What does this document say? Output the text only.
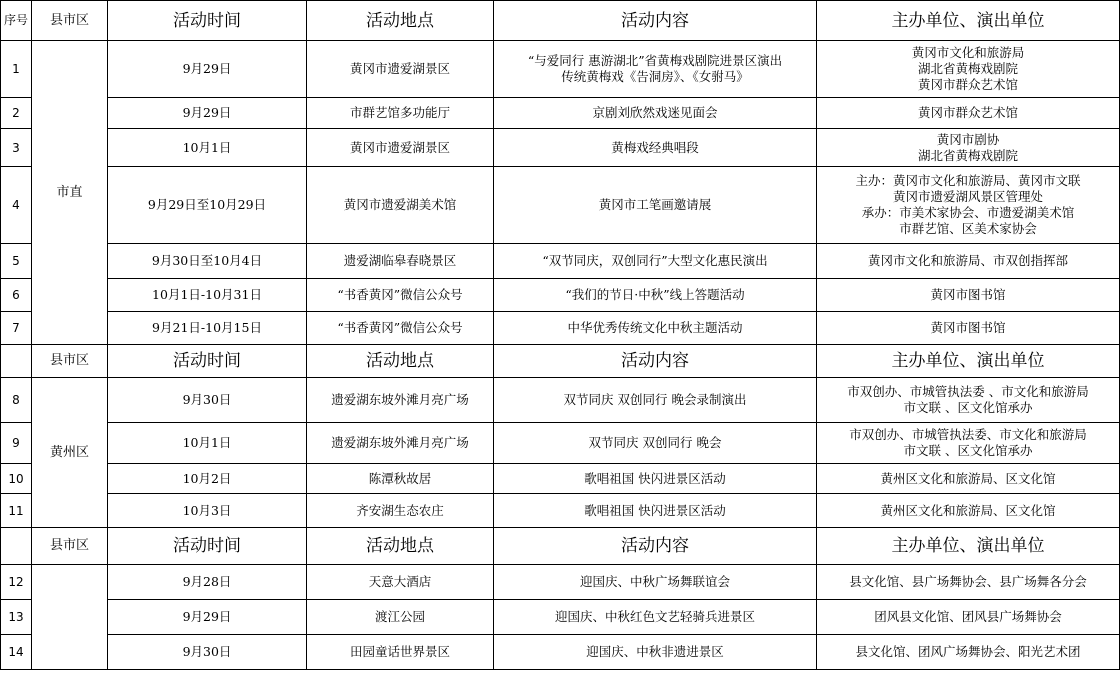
序号	县市区	活动时间	活动地点	活动内容	主办单位、演出单位
1	市直	9月29日	黄冈市遗爱湖景区	“与爱同行 惠游湖北”省黄梅戏剧院进景区演出
传统黄梅戏《告洞房》、《女驸马》	黄冈市文化和旅游局
湖北省黄梅戏剧院
黄冈市群众艺术馆

2		9月29日	市群艺馆多功能厅	京剧刘欣然戏迷见面会	黄冈市群众艺术馆

3		10月1日	黄冈市遗爱湖景区	黄梅戏经典唱段	黄冈市剧协
湖北省黄梅戏剧院

4		9月29日至10月29日	黄冈市遗爱湖美术馆	黄冈市工笔画邀请展	主办：黄冈市文化和旅游局、黄冈市文联
黄冈市遗爱湖风景区管理处
承办：市美术家协会、市遗爱湖美术馆
市群艺馆、区美术家协会

5		9月30日至10月4日	遗爱湖临皋春晓景区	“双节同庆，双创同行”大型文化惠民演出	黄冈市文化和旅游局、市双创指挥部

6		10月1日-10月31日	“书香黄冈”微信公众号	“我们的节日·中秋”线上答题活动	黄冈市图书馆

7		9月21日-10月15日	“书香黄冈”微信公众号	中华优秀传统文化中秋主题活动	黄冈市图书馆

	县市区	活动时间	活动地点	活动内容	主办单位、演出单位
8	黄州区	9月30日	遗爱湖东坡外滩月亮广场	双节同庆 双创同行 晚会录制演出	市双创办、市城管执法委 、市文化和旅游局
市文联 、区文化馆承办

9		10月1日	遗爱湖东坡外滩月亮广场	双节同庆 双创同行 晚会	市双创办、市城管执法委、市文化和旅游局
市文联 、区文化馆承办

10		10月2日	陈潭秋故居	歌唱祖国 快闪进景区活动	黄州区文化和旅游局、区文化馆

11		10月3日	齐安湖生态农庄	歌唱祖国 快闪进景区活动	黄州区文化和旅游局、区文化馆

	县市区	活动时间	活动地点	活动内容	主办单位、演出单位
12		9月28日	天意大酒店	迎国庆、中秋广场舞联谊会	县文化馆、县广场舞协会、县广场舞各分会

13		9月29日	渡江公园	迎国庆、中秋红色文艺轻骑兵进景区	团风县文化馆、团风县广场舞协会

14		9月30日	田园童话世界景区	迎国庆、中秋非遗进景区	县文化馆、团风广场舞协会、阳光艺术团
